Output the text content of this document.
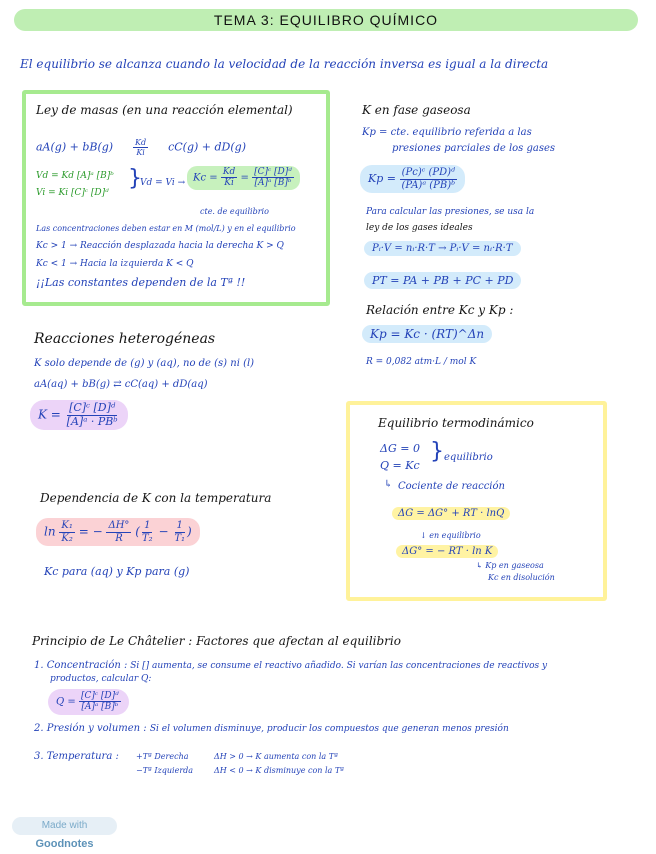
TEMA 3: EQUILIBRO QUÍMICO
El equilibrio se alcanza cuando la velocidad de la reacción inversa es igual a la directa
Ley de masas (en una reacción elemental)
$aA(g) + bB(g) \frac{Kd}{Ki} cC(g) + dD(g)$
Vd = Kd [A]ᵃ [B]ᵇ
Vi = Ki [C]ᶜ [D]ᵈ
}
$Vd = Vi \to Kc = \frac{Kd}{Ki} = \frac{\text{[C]ᶜ [D]ᵈ}}{\text{[A]ᵃ [B]ᵇ}}$
cte. de equilibrio
Las concentraciones deben estar en M (mol/L) y en el equilibrio
Kc > 1 → Reacción desplazada hacia la derecha K > Q
Kc < 1 → Hacia la izquierda K < Q
¡¡Las constantes dependen de la Tª !!
K en fase gaseosa
Kp = cte. equilibrio referida a las
presiones parciales de los gases
$Kp = \frac{\text{(Pc)ᶜ (PD)ᵈ}}{\text{(PA)ᵃ (PB)ᵇ}}$
Para calcular las presiones, se usa la
ley de los gases ideales
Pᵢ·V = nᵢ·R·T → Pᵢ·V = nᵢ·R·T
PT = PA + PB + PC + PD
Relación entre Kc y Kp :
Kp = Kc · (RT)^Δn
R = 0,082 atm·L / mol K
Reacciones heterogéneas
K solo depende de (g) y (aq), no de (s) ni (l)
aA(aq) + bB(g) ⇄ cC(aq) + dD(aq)
$K = \frac{\text{[C]ᶜ [D]ᵈ}}{\text{[A]ᵃ · PBᵇ}}$
Dependencia de K con la temperatura
$\ln \frac{\text{K₁}}{\text{K₂}}$ = − $\frac{\Delta H^\circ}{R}$ ( $\frac{1}{\text{T₂}} - \frac{1}{\text{T₁}}$ )
Kc para (aq) y Kp para (g)
Equilibrio termodinámico
ΔG = 0
Q = Kc
} equilibrio
↳ Cociente de reacción
ΔG = ΔG° + RT · lnQ
↓ en equilibrio
ΔG° = − RT · ln K
↳ Kp en gaseosa
Kc en disolución
Principio de Le Châtelier : Factores que afectan al equilibrio
1. Concentración : Si [] aumenta, se consume el reactivo añadido. Si varían las concentraciones de reactivos y
productos, calcular Q:
$Q = \frac{\text{[C]ᶜ [D]ᵈ}}{\text{[A]ᵃ [B]ᵇ}}$
2. Presión y volumen : Si el volumen disminuye, producir los compuestos que generan menos presión
3. Temperatura : +Tª Derecha
−Tª Izquierda
ΔH > 0 → K aumenta con la Tª
ΔH < 0 → K disminuye con la Tª
Made with Goodnotes
